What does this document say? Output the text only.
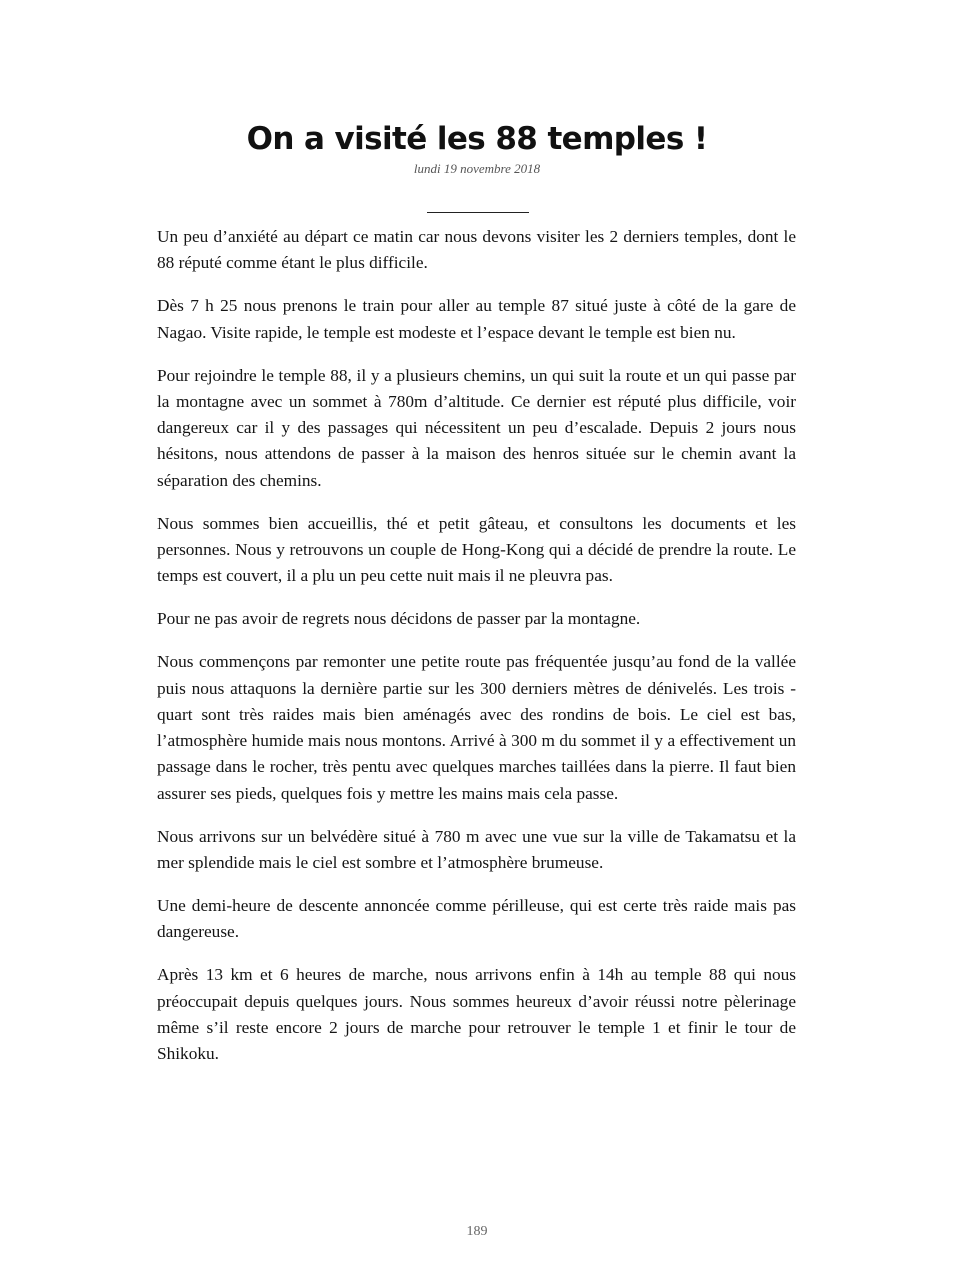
On a visité les 88 temples !
lundi 19 novembre 2018

Un peu d’anxiété au départ ce matin car nous devons visiter les 2 derniers temples, dont le 88 réputé comme étant le plus difficile.

Dès 7 h 25 nous prenons le train pour aller au temple 87 situé juste à côté de la gare de Nagao. Visite rapide, le temple est modeste et l’espace devant le temple est bien nu.

Pour rejoindre le temple 88, il y a plusieurs chemins, un qui suit la route et un qui passe par la montagne avec un sommet à 780m d’altitude. Ce dernier est réputé plus difficile, voir dangereux car il y des passages qui nécessitent un peu d’escalade. Depuis 2 jours nous hésitons, nous attendons de passer à la maison des henros située sur le chemin avant la séparation des chemins.

Nous sommes bien accueillis, thé et petit gâteau, et consultons les documents et les personnes. Nous y retrouvons un couple de Hong-Kong qui a décidé de prendre la route. Le temps est couvert, il a plu un peu cette nuit mais il ne pleuvra pas.

Pour ne pas avoir de regrets nous décidons de passer par la montagne.

Nous commençons par remonter une petite route pas fréquentée jusqu’au fond de la vallée puis nous attaquons la dernière partie sur les 300 derniers mètres de dénivelés. Les trois -quart sont très raides mais bien aménagés avec des rondins de bois. Le ciel est bas, l’atmosphère humide mais nous montons. Arrivé à 300 m du sommet il y a effectivement un passage dans le rocher, très pentu avec quelques marches taillées dans la pierre. Il faut bien assurer ses pieds, quelques fois y mettre les mains mais cela passe.

Nous arrivons sur un belvédère situé à 780 m avec une vue sur la ville de Takamatsu et la mer splendide mais le ciel est sombre et l’atmosphère brumeuse.

Une demi-heure de descente annoncée comme périlleuse, qui est certe très raide mais pas dangereuse.

Après 13 km et 6 heures de marche, nous arrivons enfin à 14h au temple 88 qui nous préoccupait depuis quelques jours. Nous sommes heureux d’avoir réussi notre pèlerinage même s’il reste encore 2 jours de marche pour retrouver le temple 1 et finir le tour de Shikoku.

189
